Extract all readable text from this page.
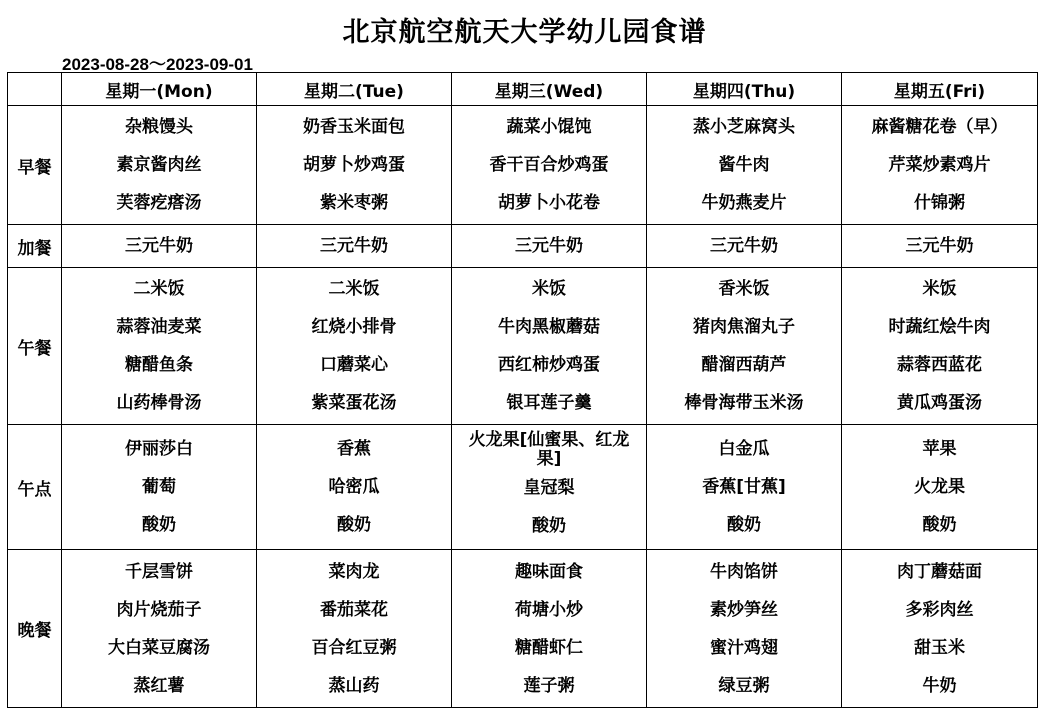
北京航空航天大学幼儿园食谱
2023-08-28～2023-09-01
	星期一(Mon)	星期二(Tue)	星期三(Wed)	星期四(Thu)	星期五(Fri)
早餐	杂粮馒头
素京酱肉丝
芙蓉疙瘩汤	奶香玉米面包
胡萝卜炒鸡蛋
紫米枣粥	蔬菜小馄饨
香干百合炒鸡蛋
胡萝卜小花卷	蒸小芝麻窝头
酱牛肉
牛奶燕麦片	麻酱糖花卷（早）
芹菜炒素鸡片
什锦粥

加餐	三元牛奶	三元牛奶	三元牛奶	三元牛奶	三元牛奶

午餐	二米饭
蒜蓉油麦菜
糖醋鱼条
山药棒骨汤	二米饭
红烧小排骨
口蘑菜心
紫菜蛋花汤	米饭
牛肉黑椒蘑菇
西红柿炒鸡蛋
银耳莲子羹	香米饭
猪肉焦溜丸子
醋溜西葫芦
棒骨海带玉米汤	米饭
时蔬红烩牛肉
蒜蓉西蓝花
黄瓜鸡蛋汤

午点	伊丽莎白
葡萄
酸奶	香蕉
哈密瓜
酸奶	火龙果[仙蜜果、红龙果]
皇冠梨
酸奶	白金瓜
香蕉[甘蕉]
酸奶	苹果
火龙果
酸奶

晚餐	千层雪饼
肉片烧茄子
大白菜豆腐汤
蒸红薯	菜肉龙
番茄菜花
百合红豆粥
蒸山药	趣味面食
荷塘小炒
糖醋虾仁
莲子粥	牛肉馅饼
素炒笋丝
蜜汁鸡翅
绿豆粥	肉丁蘑菇面
多彩肉丝
甜玉米
牛奶
